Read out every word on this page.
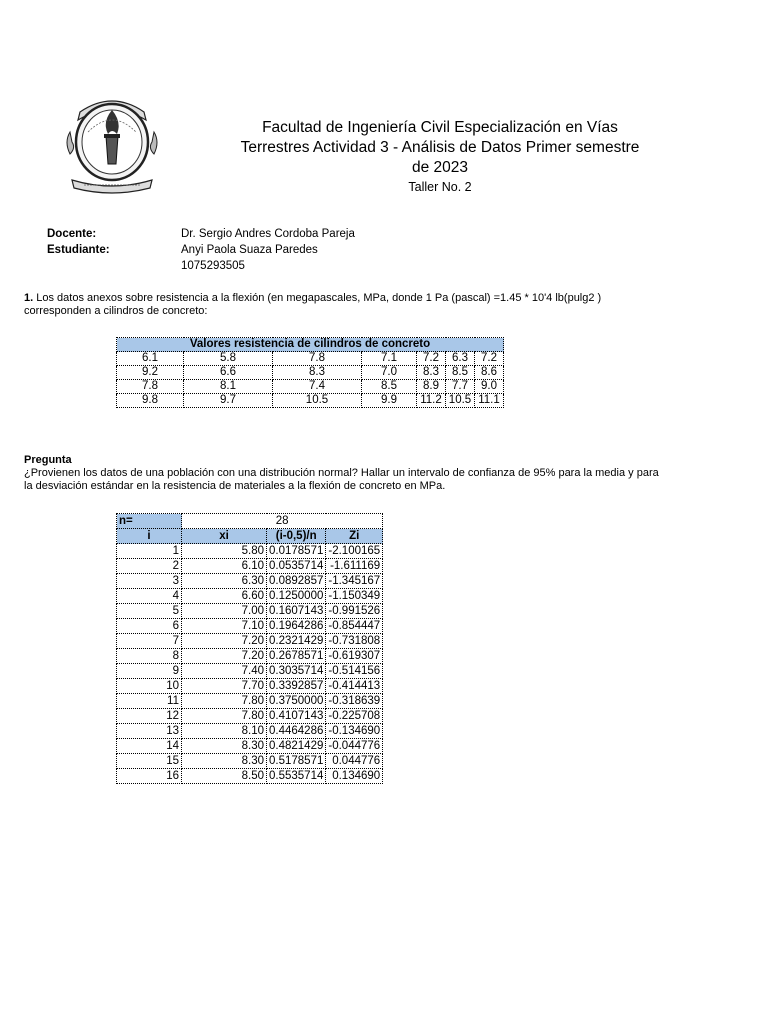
Facultad de Ingeniería Civil Especialización en Vías
Terrestres Actividad 3 - Análisis de Datos Primer semestre
de 2023
Taller No. 2
Docente:	Dr. Sergio Andres Cordoba Pareja
Estudiante:	Anyi Paola Suaza Paredes
1075293505
1. Los datos anexos sobre resistencia a la flexión (en megapascales, MPa, donde 1 Pa (pascal) =1.45 * 10'4 lb(pulg2 )
corresponden a cilindros de concreto:
Valores resistencia de cilindros de concreto						
6.1	5.8	7.8	7.1	7.2	6.3	7.2
9.2	6.6	8.3	7.0	8.3	8.5	8.6
7.8	8.1	7.4	8.5	8.9	7.7	9.0
9.8	9.7	10.5	9.9	11.2	10.5	11.1
Pregunta
¿Provienen los datos de una población con una distribución normal? Hallar un intervalo de confianza de 95% para la media y para
la desviación estándar en la resistencia de materiales a la flexión de concreto en MPa.
n=	28		
i	xi	(i-0,5)/n	Zi
1	5.80	0.0178571	-2.100165
2	6.10	0.0535714	-1.611169
3	6.30	0.0892857	-1.345167
4	6.60	0.1250000	-1.150349
5	7.00	0.1607143	-0.991526
6	7.10	0.1964286	-0.854447
7	7.20	0.2321429	-0.731808
8	7.20	0.2678571	-0.619307
9	7.40	0.3035714	-0.514156
10	7.70	0.3392857	-0.414413
11	7.80	0.3750000	-0.318639
12	7.80	0.4107143	-0.225708
13	8.10	0.4464286	-0.134690
14	8.30	0.4821429	-0.044776
15	8.30	0.5178571	0.044776
16	8.50	0.5535714	0.134690
